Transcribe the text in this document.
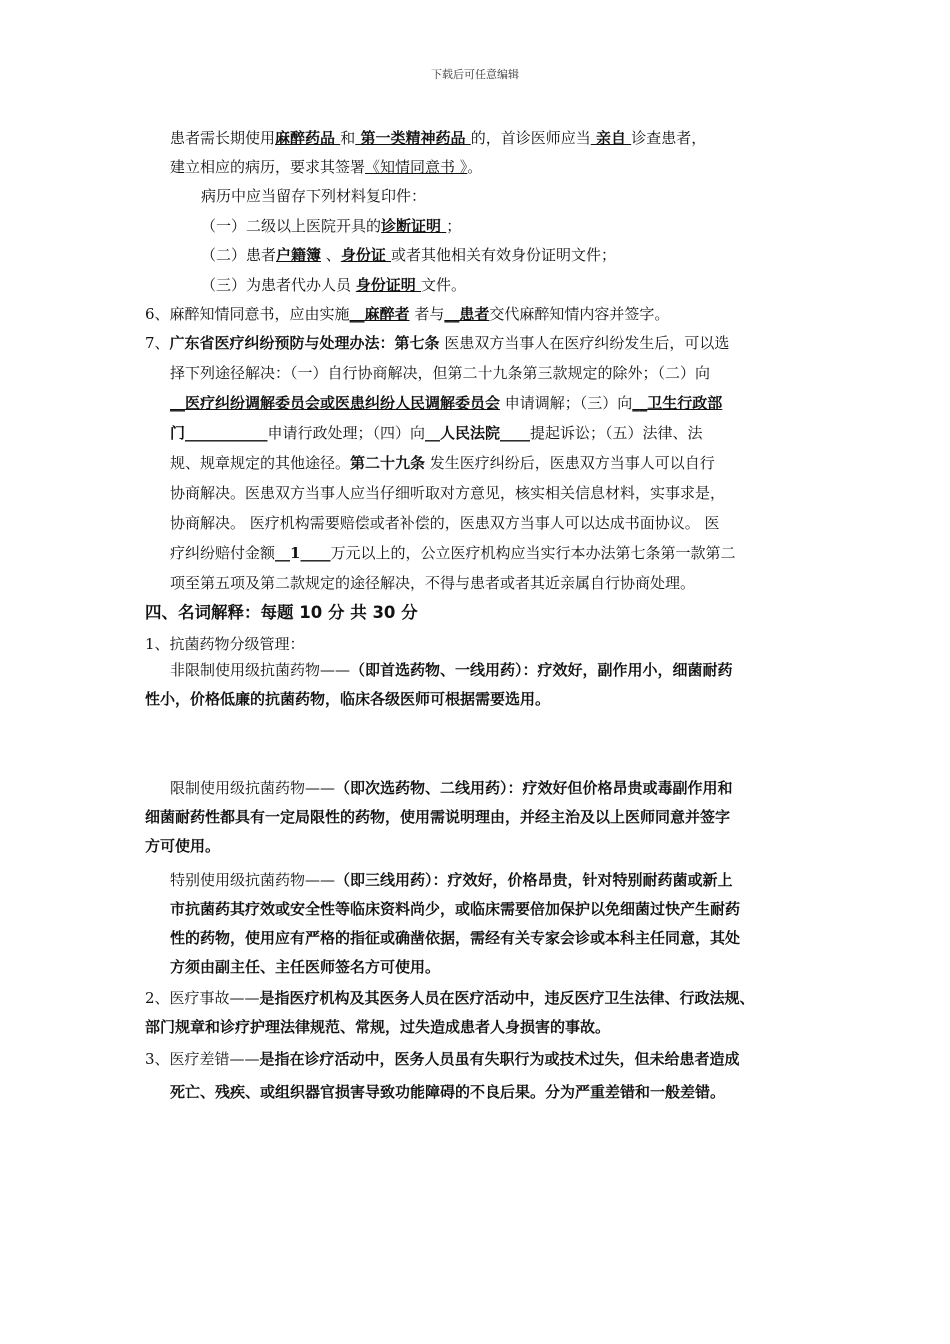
下载后可任意编辑
患者需长期使用麻醉药品 和 第一类精神药品 的，首诊医师应当 亲自 诊查患者，
建立相应的病历，要求其签署《知情同意书 》。
病历中应当留存下列材料复印件：
（一）二级以上医院开具的诊断证明 ；
（二）患者户籍簿 、身份证 或者其他相关有效身份证明文件；
（三）为患者代办人员 身份证明 文件。
6、麻醉知情同意书，应由实施__麻醉者 者与__患者交代麻醉知情内容并签字。
7、广东省医疗纠纷预防与处理办法：第七条 医患双方当事人在医疗纠纷发生后，可以选
择下列途径解决：（一）自行协商解决，但第二十九条第三款规定的除外；（二）向
__医疗纠纷调解委员会或医患纠纷人民调解委员会 申请调解；（三）向__卫生行政部
门___________申请行政处理；（四）向__人民法院____提起诉讼；（五）法律、法
规、规章规定的其他途径。第二十九条 发生医疗纠纷后，医患双方当事人可以自行
协商解决。医患双方当事人应当仔细听取对方意见，核实相关信息材料，实事求是，
协商解决。 医疗机构需要赔偿或者补偿的，医患双方当事人可以达成书面协议。 医
疗纠纷赔付金额__1____万元以上的，公立医疗机构应当实行本办法第七条第一款第二
项至第五项及第二款规定的途径解决，不得与患者或者其近亲属自行协商处理。
四、名词解释：每题 10 分 共 30 分
1、抗菌药物分级管理：
非限制使用级抗菌药物——（即首选药物、一线用药）：疗效好，副作用小，细菌耐药
性小，价格低廉的抗菌药物，临床各级医师可根据需要选用。
限制使用级抗菌药物——（即次选药物、二线用药）：疗效好但价格昂贵或毒副作用和
细菌耐药性都具有一定局限性的药物，使用需说明理由，并经主治及以上医师同意并签字
方可使用。
特别使用级抗菌药物——（即三线用药）：疗效好，价格昂贵，针对特别耐药菌或新上
市抗菌药其疗效或安全性等临床资料尚少，或临床需要倍加保护以免细菌过快产生耐药
性的药物，使用应有严格的指征或确凿依据，需经有关专家会诊或本科主任同意，其处
方须由副主任、主任医师签名方可使用。
2、医疗事故——是指医疗机构及其医务人员在医疗活动中，违反医疗卫生法律、行政法规、
部门规章和诊疗护理法律规范、常规，过失造成患者人身损害的事故。
3、医疗差错——是指在诊疗活动中，医务人员虽有失职行为或技术过失，但未给患者造成
死亡、残疾、或组织器官损害导致功能障碍的不良后果。分为严重差错和一般差错。
